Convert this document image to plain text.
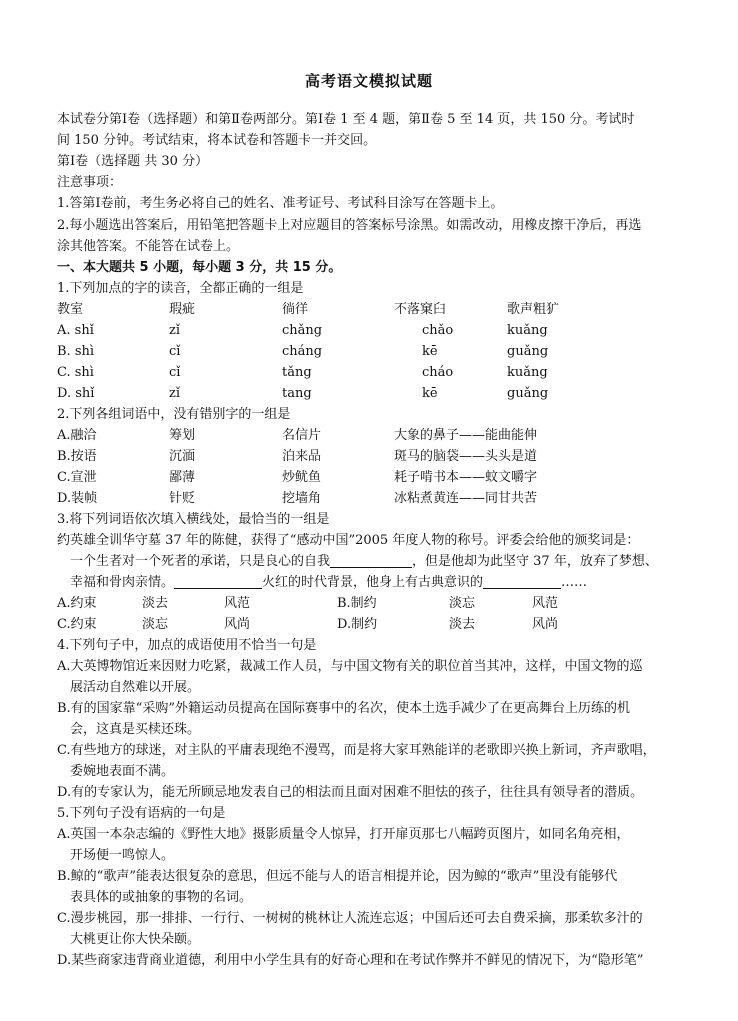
高考语文模拟试题
本试卷分第Ⅰ卷（选择题）和第Ⅱ卷两部分。第Ⅰ卷 1 至 4 题，第Ⅱ卷 5 至 14 页，共 150 分。考试时
间 150 分钟。考试结束，将本试卷和答题卡一并交回。
第Ⅰ卷（选择题 共 30 分）
注意事项：
1.答第Ⅰ卷前，考生务必将自己的姓名、准考证号、考试科目涂写在答题卡上。
2.每小题选出答案后，用铅笔把答题卡上对应题目的答案标号涂黑。如需改动，用橡皮擦干净后，再选
涂其他答案。不能答在试卷上。
一、本大题共 5 小题，每小题 3 分，共 15 分。
1.下列加点的字的读音，全都正确的一组是
教室	瑕疵	徜徉	不落窠臼	歌声粗犷
A. shǐ	zǐ	chǎng	chǎo	kuǎng
B. shì	cǐ	cháng	kē	guǎng
C. shì	cǐ	tǎng	cháo	kuǎng
D. shǐ	zǐ	tang	kē	guǎng
2.下列各组词语中，没有错别字的一组是
A.融洽	筹划	名信片	大象的鼻子——能曲能伸
B.按语	沉湎	泊来品	斑马的脑袋——头头是道
C.宣泄	鄙薄	炒鱿鱼	耗子啃书本——蚊文嚼字
D.装帧	针贬	挖墙角	冰粘煮黄连——同甘共苦
3.将下列词语依次填入横线处，最恰当的一组是
约英雄全训华守墓 37 年的陈健，获得了“感动中国”2005 年度人物的称号。评委会给他的颁奖词是：
一个生者对一个死者的承诺，只是良心的自我	，但是他却为此坚守 37 年，放弃了梦想、
幸福和骨肉亲情。	火红的时代背景，他身上有古典意识的	……
A.约束	淡去	风范	B.制约	淡忘	风范
C.约束	淡忘	风尚	D.制约	淡去	风尚
4.下列句子中，加点的成语使用不恰当一句是
A.大英博物馆近来因财力吃紧，裁减工作人员，与中国文物有关的职位首当其冲，这样，中国文物的巡
展活动自然难以开展。
B.有的国家靠“采购”外籍运动员提高在国际赛事中的名次，使本土选手减少了在更高舞台上历练的机
会，这真是买椟还珠。
C.有些地方的球迷，对主队的平庸表现绝不漫骂，而是将大家耳熟能详的老歌即兴换上新词，齐声歌唱，
委婉地表面不满。
D.有的专家认为，能无所顾忌地发表自己的相法而且面对困难不胆怯的孩子，往往具有领导者的潜质。
5.下列句子没有语病的一句是
A.英国一本杂志编的《野性大地》摄影质量令人惊异，打开扉页那七八幅跨页图片，如同名角亮相，
开场便一鸣惊人。
B.鲸的“歌声”能表达很复杂的意思，但远不能与人的语言相提并论，因为鲸的“歌声”里没有能够代
表具体的或抽象的事物的名词。
C.漫步桃园，那一排排、一行行、一树树的桃林让人流连忘返；中国后还可去自费采摘，那柔软多汁的
大桃更让你大快朵颐。
D.某些商家违背商业道德，利用中小学生具有的好奇心理和在考试作弊并不鲜见的情况下，为“隐形笔”
